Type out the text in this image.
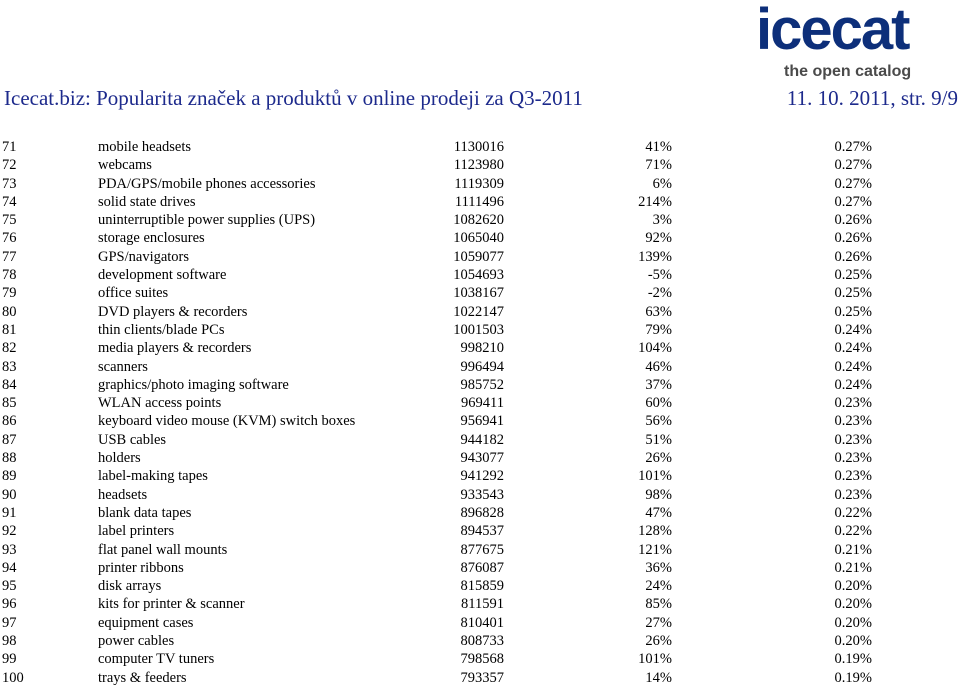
icecat
the open catalog
Icecat.biz: Popularita značek a produktů v online prodeji za Q3-2011	11. 10. 2011, str. 9/9
71	mobile headsets	1130016	41%	0.27%
72	webcams	1123980	71%	0.27%
73	PDA/GPS/mobile phones accessories	1119309	6%	0.27%
74	solid state drives	1111496	214%	0.27%
75	uninterruptible power supplies (UPS)	1082620	3%	0.26%
76	storage enclosures	1065040	92%	0.26%
77	GPS/navigators	1059077	139%	0.26%
78	development software	1054693	-5%	0.25%
79	office suites	1038167	-2%	0.25%
80	DVD players & recorders	1022147	63%	0.25%
81	thin clients/blade PCs	1001503	79%	0.24%
82	media players & recorders	998210	104%	0.24%
83	scanners	996494	46%	0.24%
84	graphics/photo imaging software	985752	37%	0.24%
85	WLAN access points	969411	60%	0.23%
86	keyboard video mouse (KVM) switch boxes	956941	56%	0.23%
87	USB cables	944182	51%	0.23%
88	holders	943077	26%	0.23%
89	label-making tapes	941292	101%	0.23%
90	headsets	933543	98%	0.23%
91	blank data tapes	896828	47%	0.22%
92	label printers	894537	128%	0.22%
93	flat panel wall mounts	877675	121%	0.21%
94	printer ribbons	876087	36%	0.21%
95	disk arrays	815859	24%	0.20%
96	kits for printer & scanner	811591	85%	0.20%
97	equipment cases	810401	27%	0.20%
98	power cables	808733	26%	0.20%
99	computer TV tuners	798568	101%	0.19%
100	trays & feeders	793357	14%	0.19%
